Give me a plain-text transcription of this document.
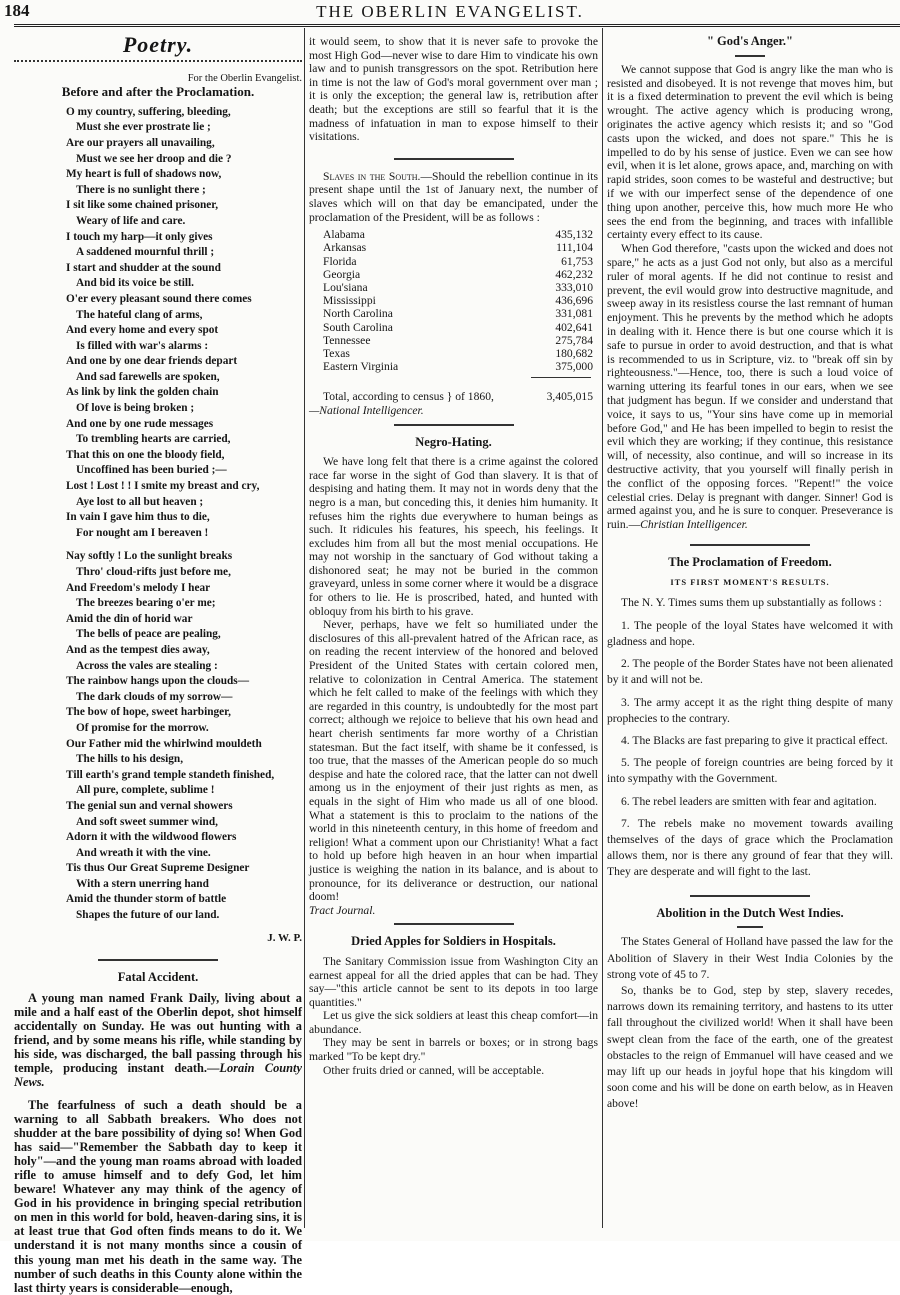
184	THE OBERLIN EVANGELIST.
Poetry.
For the Oberlin Evangelist.
Before and after the Proclamation.
O my country, suffering, bleeding,
Must she ever prostrate lie ;
Are our prayers all unavailing,
Must we see her droop and die ?
My heart is full of shadows now,
There is no sunlight there ;
I sit like some chained prisoner,
Weary of life and care.
I touch my harp—it only gives
A saddened mournful thrill ;
I start and shudder at the sound
And bid its voice be still.
O'er every pleasant sound there comes
The hateful clang of arms,
And every home and every spot
Is filled with war's alarms :
And one by one dear friends depart
And sad farewells are spoken,
As link by link the golden chain
Of love is being broken ;
And one by one rude messages
To trembling hearts are carried,
That this on one the bloody field,
Uncoffined has been buried ;—
Lost ! Lost ! ! I smite my breast and cry,
Aye lost to all but heaven ;
In vain I gave him thus to die,
For nought am I bereaven !
Nay softly ! Lo the sunlight breaks
Thro' cloud-rifts just before me,
And Freedom's melody I hear
The breezes bearing o'er me;
Amid the din of horid war
The bells of peace are pealing,
And as the tempest dies away,
Across the vales are stealing :
The rainbow hangs upon the clouds—
The dark clouds of my sorrow—
The bow of hope, sweet harbinger,
Of promise for the morrow.
Our Father mid the whirlwind mouldeth
The hills to his design,
Till earth's grand temple standeth finished,
All pure, complete, sublime !
The genial sun and vernal showers
And soft sweet summer wind,
Adorn it with the wildwood flowers
And wreath it with the vine.
Tis thus Our Great Supreme Designer
With a stern unerring hand
Amid the thunder storm of battle
Shapes the future of our land.
J. W. P.
Fatal Accident.

A young man named Frank Daily, living about a mile and a half east of the Oberlin depot, shot himself accidentally on Sunday. He was out hunting with a friend, and by some means his rifle, while standing by his side, was discharged, the ball passing through his temple, producing instant death.—Lorain County News.

The fearfulness of such a death should be a warning to all Sabbath breakers. Who does not shudder at the bare possibility of dying so! When God has said—"Remember the Sabbath day to keep it holy"—and the young man roams abroad with loaded rifle to amuse himself and to defy God, let him beware! Whatever any may think of the agency of God in his providence in bringing special retribution on men in this world for bold, heaven-daring sins, it is at least true that God often finds means to do it. We understand it is not many months since a cousin of this young man met his death in the same way. The number of such deaths in this County alone within the last thirty years is considerable—enough,

it would seem, to show that it is never safe to provoke the most High God—never wise to dare Him to vindicate his own law and to punish transgressors on the spot. Retribution here in time is not the law of God's moral government over man ; it is only the exception; the general law is, retribution after death; but the exceptions are still so fearful that it is the madness of infatuation in man to expose himself to their visitations.

Slaves in the South.—Should the rebellion continue in its present shape until the 1st of January next, the number of slaves which will on that day be emancipated, under the proclamation of the President, will be as follows :

Alabama	435,132
Arkansas	111,104
Florida	61,753
Georgia	462,232
Lou'siana	333,010
Mississippi	436,696
North Carolina	331,081
South Carolina	402,641
Tennessee	275,784
Texas	180,682
Eastern Virginia	375,000
Total, according to census } of 1860,	3,405,015
—National Intelligencer.
Negro-Hating.

We have long felt that there is a crime against the colored race far worse in the sight of God than slavery. It is that of despising and hating them. It may not in words deny that the negro is a man, but conceding this, it denies him humanity. It refuses him the rights due everywhere to human beings as such. It ridicules his features, his speech, his feelings. It excludes him from all but the most menial occupations. He may not worship in the sanctuary of God without taking a dishonored seat; he may not be buried in the common graveyard, unless in some corner where it would be a disgrace for others to lie. He is proscribed, hated, and hunted with obloquy from his birth to his grave.

Never, perhaps, have we felt so humiliated under the disclosures of this all-prevalent hatred of the African race, as on reading the recent interview of the honored and beloved President of the United States with certain colored men, relative to colonization in Central America. The statement which he felt called to make of the feelings with which they are regarded in this country, is undoubtedly for the most part correct; although we rejoice to believe that his own head and heart cherish sentiments far more worthy of a Christian statesman. But the fact itself, with shame be it confessed, is too true, that the masses of the American people do so much despise and hate the colored race, that the latter can not dwell among us in the enjoyment of their just rights as men, as equals in the sight of Him who made us all of one blood. What a statement is this to proclaim to the nations of the world in this nineteenth century, in this home of freedom and religion! What a comment upon our Christianity! What a fact to hold up before high heaven in an hour when impartial justice is weighing the nation in its balance, and is about to pronounce, for its deliverance or destruction, our national doom!

Tract Journal.
Dried Apples for Soldiers in Hospitals.

The Sanitary Commission issue from Washington City an earnest appeal for all the dried apples that can be had. They say—"this article cannot be sent to its depots in too large quantities."

Let us give the sick soldiers at least this cheap comfort—in abundance.

They may be sent in barrels or boxes; or in strong bags marked "To be kept dry."

Other fruits dried or canned, will be acceptable.

" God's Anger."

We cannot suppose that God is angry like the man who is resisted and disobeyed. It is not revenge that moves him, but it is a fixed determination to prevent the evil which is being wrought. The active agency which is producing wrong, originates the active agency which resists it; and so "God casts upon the wicked, and does not spare." This he is impelled to do by his sense of justice. Even we can see how evil, when it is let alone, grows apace, and, marching on with rapid strides, soon comes to be wasteful and destructive; but if we with our imperfect sense of the dependence of one thing upon another, perceive this, how much more He who sees the end from the beginning, and traces with infallible certainty every effect to its cause.

When God therefore, "casts upon the wicked and does not spare," he acts as a just God not only, but also as a merciful ruler of moral agents. If he did not continue to resist and prevent, the evil would grow into destructive magnitude, and sweep away in its resistless course the last remnant of human enjoyment. This he prevents by the method which he adopts in dealing with it. Hence there is but one course which it is safe to pursue in order to avoid destruction, and that is what is recommended to us in Scripture, viz. to "break off sin by righteousness."—Hence, too, there is such a loud voice of warning uttering its fearful tones in our ears, when we see that judgment has begun. If we consider and understand that voice, it says to us, "Your sins have come up in memorial before God," and He has been impelled to begin to resist the evil which they are working; if they continue, this resistance will, of necessity, also continue, and will so increase in its destructive activity, that you yourself will finally perish in the conflict of the opposing forces. "Repent!" the voice celestial cries. Delay is pregnant with danger. Sinner! God is armed against you, and he is sure to conquer. Preseverance is ruin.—Christian Intelligencer.

The Proclamation of Freedom.
ITS FIRST MOMENT'S RESULTS.

The N. Y. Times sums them up substantially as follows :

1. The people of the loyal States have welcomed it with gladness and hope.

2. The people of the Border States have not been alienated by it and will not be.

3. The army accept it as the right thing despite of many prophecies to the contrary.

4. The Blacks are fast preparing to give it practical effect.

5. The people of foreign countries are being forced by it into sympathy with the Government.

6. The rebel leaders are smitten with fear and agitation.

7. The rebels make no movement towards availing themselves of the days of grace which the Proclamation allows them, nor is there any ground of fear that they will. They are desperate and will fight to the last.

Abolition in the Dutch West Indies.

The States General of Holland have passed the law for the Abolition of Slavery in their West India Colonies by the strong vote of 45 to 7.

So, thanks be to God, step by step, slavery recedes, narrows down its remaining territory, and hastens to its utter fall throughout the civilized world! When it shall have been swept clean from the face of the earth, one of the greatest obstacles to the reign of Emmanuel will have ceased and we may lift up our heads in joyful hope that his kingdom will soon come and his will be done on earth below, as in Heaven above!
